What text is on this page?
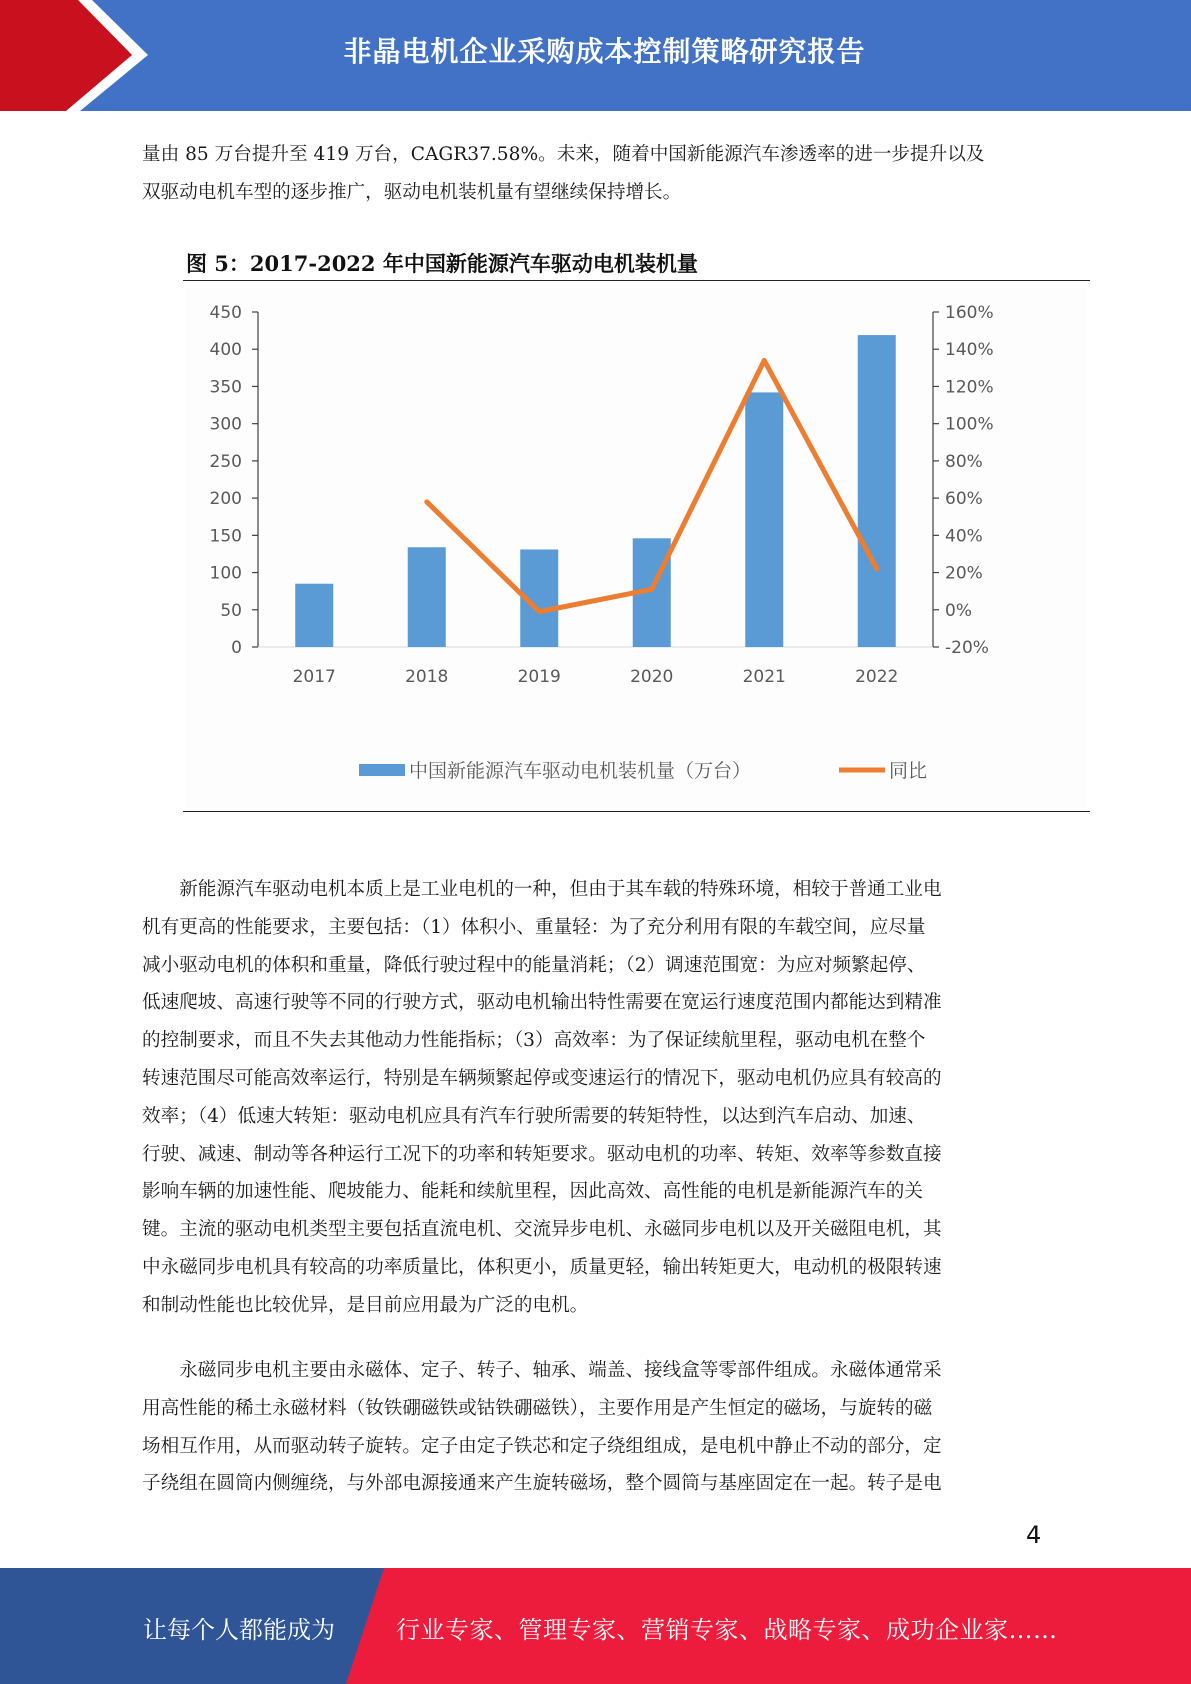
非晶电机企业采购成本控制策略研究报告
量由 85 万台提升至 419 万台，CAGR37.58%。未来，随着中国新能源汽车渗透率的进一步提升以及
双驱动电机车型的逐步推广，驱动电机装机量有望继续保持增长。
图 5：2017-2022 年中国新能源汽车驱动电机装机量
0
50
100
150
200
250
300
350
400
450
-20%
0%
20%
40%
60%
80%
100%
120%
140%
160%
2017	2018	2019	2020	2021	2022
中国新能源汽车驱动电机装机量（万台）	同比
新能源汽车驱动电机本质上是工业电机的一种，但由于其车载的特殊环境，相较于普通工业电
机有更高的性能要求，主要包括：（1）体积小、重量轻：为了充分利用有限的车载空间，应尽量
减小驱动电机的体积和重量，降低行驶过程中的能量消耗；（2）调速范围宽：为应对频繁起停、
低速爬坡、高速行驶等不同的行驶方式，驱动电机输出特性需要在宽运行速度范围内都能达到精准
的控制要求，而且不失去其他动力性能指标；（3）高效率：为了保证续航里程，驱动电机在整个
转速范围尽可能高效率运行，特别是车辆频繁起停或变速运行的情况下，驱动电机仍应具有较高的
效率；（4）低速大转矩：驱动电机应具有汽车行驶所需要的转矩特性，以达到汽车启动、加速、
行驶、减速、制动等各种运行工况下的功率和转矩要求。驱动电机的功率、转矩、效率等参数直接
影响车辆的加速性能、爬坡能力、能耗和续航里程，因此高效、高性能的电机是新能源汽车的关
键。主流的驱动电机类型主要包括直流电机、交流异步电机、永磁同步电机以及开关磁阻电机，其
中永磁同步电机具有较高的功率质量比，体积更小，质量更轻，输出转矩更大，电动机的极限转速
和制动性能也比较优异，是目前应用最为广泛的电机。
永磁同步电机主要由永磁体、定子、转子、轴承、端盖、接线盒等零部件组成。永磁体通常采
用高性能的稀土永磁材料（钕铁硼磁铁或钴铁硼磁铁），主要作用是产生恒定的磁场，与旋转的磁
场相互作用，从而驱动转子旋转。定子由定子铁芯和定子绕组组成，是电机中静止不动的部分，定
子绕组在圆筒内侧缠绕，与外部电源接通来产生旋转磁场，整个圆筒与基座固定在一起。转子是电
4
让每个人都能成为	行业专家、管理专家、营销专家、战略专家、成功企业家……
